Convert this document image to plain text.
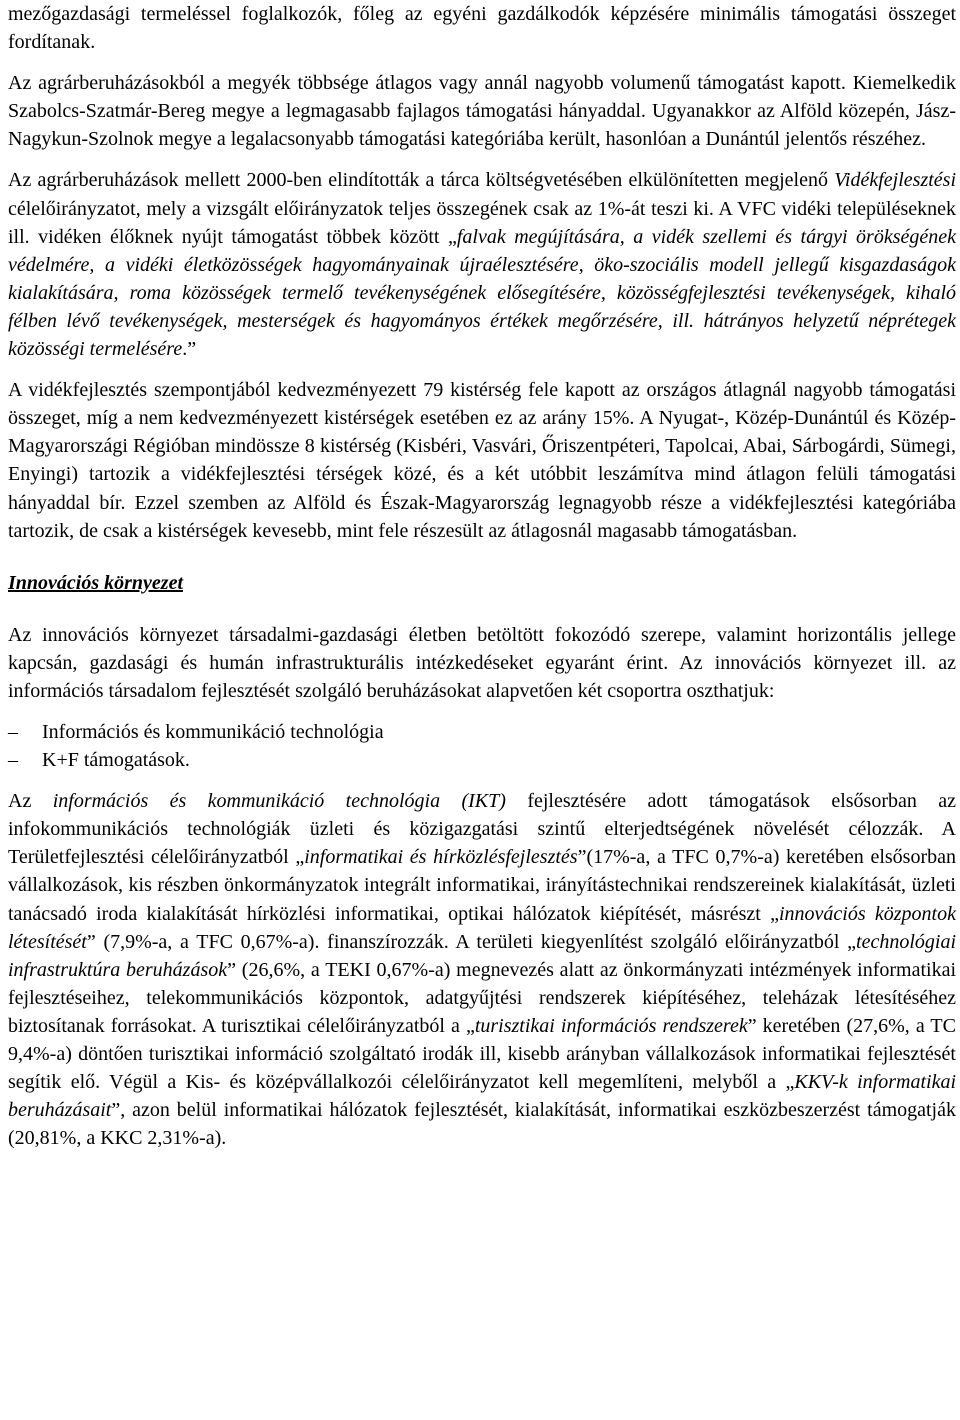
mezőgazdasági termeléssel foglalkozók, főleg az egyéni gazdálkodók képzésére minimális támogatási összeget fordítanak.

Az agrárberuházásokból a megyék többsége átlagos vagy annál nagyobb volumenű támogatást kapott. Kiemelkedik Szabolcs-Szatmár-Bereg megye a legmagasabb fajlagos támogatási hányaddal. Ugyanakkor az Alföld közepén, Jász-Nagykun-Szolnok megye a legalacsonyabb támogatási kategóriába került, hasonlóan a Dunántúl jelentős részéhez.

Az agrárberuházások mellett 2000-ben elindították a tárca költségvetésében elkülönítetten megjelenő Vidékfejlesztési célelőirányzatot, mely a vizsgált előirányzatok teljes összegének csak az 1%-át teszi ki. A VFC vidéki településeknek ill. vidéken élőknek nyújt támogatást többek között „falvak megújítására, a vidék szellemi és tárgyi örökségének védelmére, a vidéki életközösségek hagyományainak újraélesztésére, öko-szociális modell jellegű kisgazdaságok kialakítására, roma közösségek termelő tevékenységének elősegítésére, közösségfejlesztési tevékenységek, kihaló félben lévő tevékenységek, mesterségek és hagyományos értékek megőrzésére, ill. hátrányos helyzetű néprétegek közösségi termelésére.”

A vidékfejlesztés szempontjából kedvezményezett 79 kistérség fele kapott az országos átlagnál nagyobb támogatási összeget, míg a nem kedvezményezett kistérségek esetében ez az arány 15%. A Nyugat-, Közép-Dunántúl és Közép-Magyarországi Régióban mindössze 8 kistérség (Kisbéri, Vasvári, Őriszentpéteri, Tapolcai, Abai, Sárbogárdi, Sümegi, Enyingi) tartozik a vidékfejlesztési térségek közé, és a két utóbbit leszámítva mind átlagon felüli támogatási hányaddal bír. Ezzel szemben az Alföld és Észak-Magyarország legnagyobb része a vidékfejlesztési kategóriába tartozik, de csak a kistérségek kevesebb, mint fele részesült az átlagosnál magasabb támogatásban.

Innovációs környezet

Az innovációs környezet társadalmi-gazdasági életben betöltött fokozódó szerepe, valamint horizontális jellege kapcsán, gazdasági és humán infrastrukturális intézkedéseket egyaránt érint. Az innovációs környezet ill. az információs társadalom fejlesztését szolgáló beruházásokat alapvetően két csoportra oszthatjuk:

–	Információs és kommunikáció technológia
–	K+F támogatások.

Az információs és kommunikáció technológia (IKT) fejlesztésére adott támogatások elsősorban az infokommunikációs technológiák üzleti és közigazgatási szintű elterjedtségének növelését célozzák. A Területfejlesztési célelőirányzatból „informatikai és hírközlésfejlesztés”(17%-a, a TFC 0,7%-a) keretében elsősorban vállalkozások, kis részben önkormányzatok integrált informatikai, irányítástechnikai rendszereinek kialakítását, üzleti tanácsadó iroda kialakítását hírközlési informatikai, optikai hálózatok kiépítését, másrészt „innovációs központok létesítését” (7,9%-a, a TFC 0,67%-a). finanszírozzák. A területi kiegyenlítést szolgáló előirányzatból „technológiai infrastruktúra beruházások” (26,6%, a TEKI 0,67%-a) megnevezés alatt az önkormányzati intézmények informatikai fejlesztéseihez, telekommunikációs központok, adatgyűjtési rendszerek kiépítéséhez, teleházak létesítéséhez biztosítanak forrásokat. A turisztikai célelőirányzatból a „turisztikai információs rendszerek” keretében (27,6%, a TC 9,4%-a) döntően turisztikai információ szolgáltató irodák ill, kisebb arányban vállalkozások informatikai fejlesztését segítik elő. Végül a Kis- és középvállalkozói célelőirányzatot kell megemlíteni, melyből a „KKV-k informatikai beruházásait”, azon belül informatikai hálózatok fejlesztését, kialakítását, informatikai eszközbeszerzést támogatják (20,81%, a KKC 2,31%-a).
